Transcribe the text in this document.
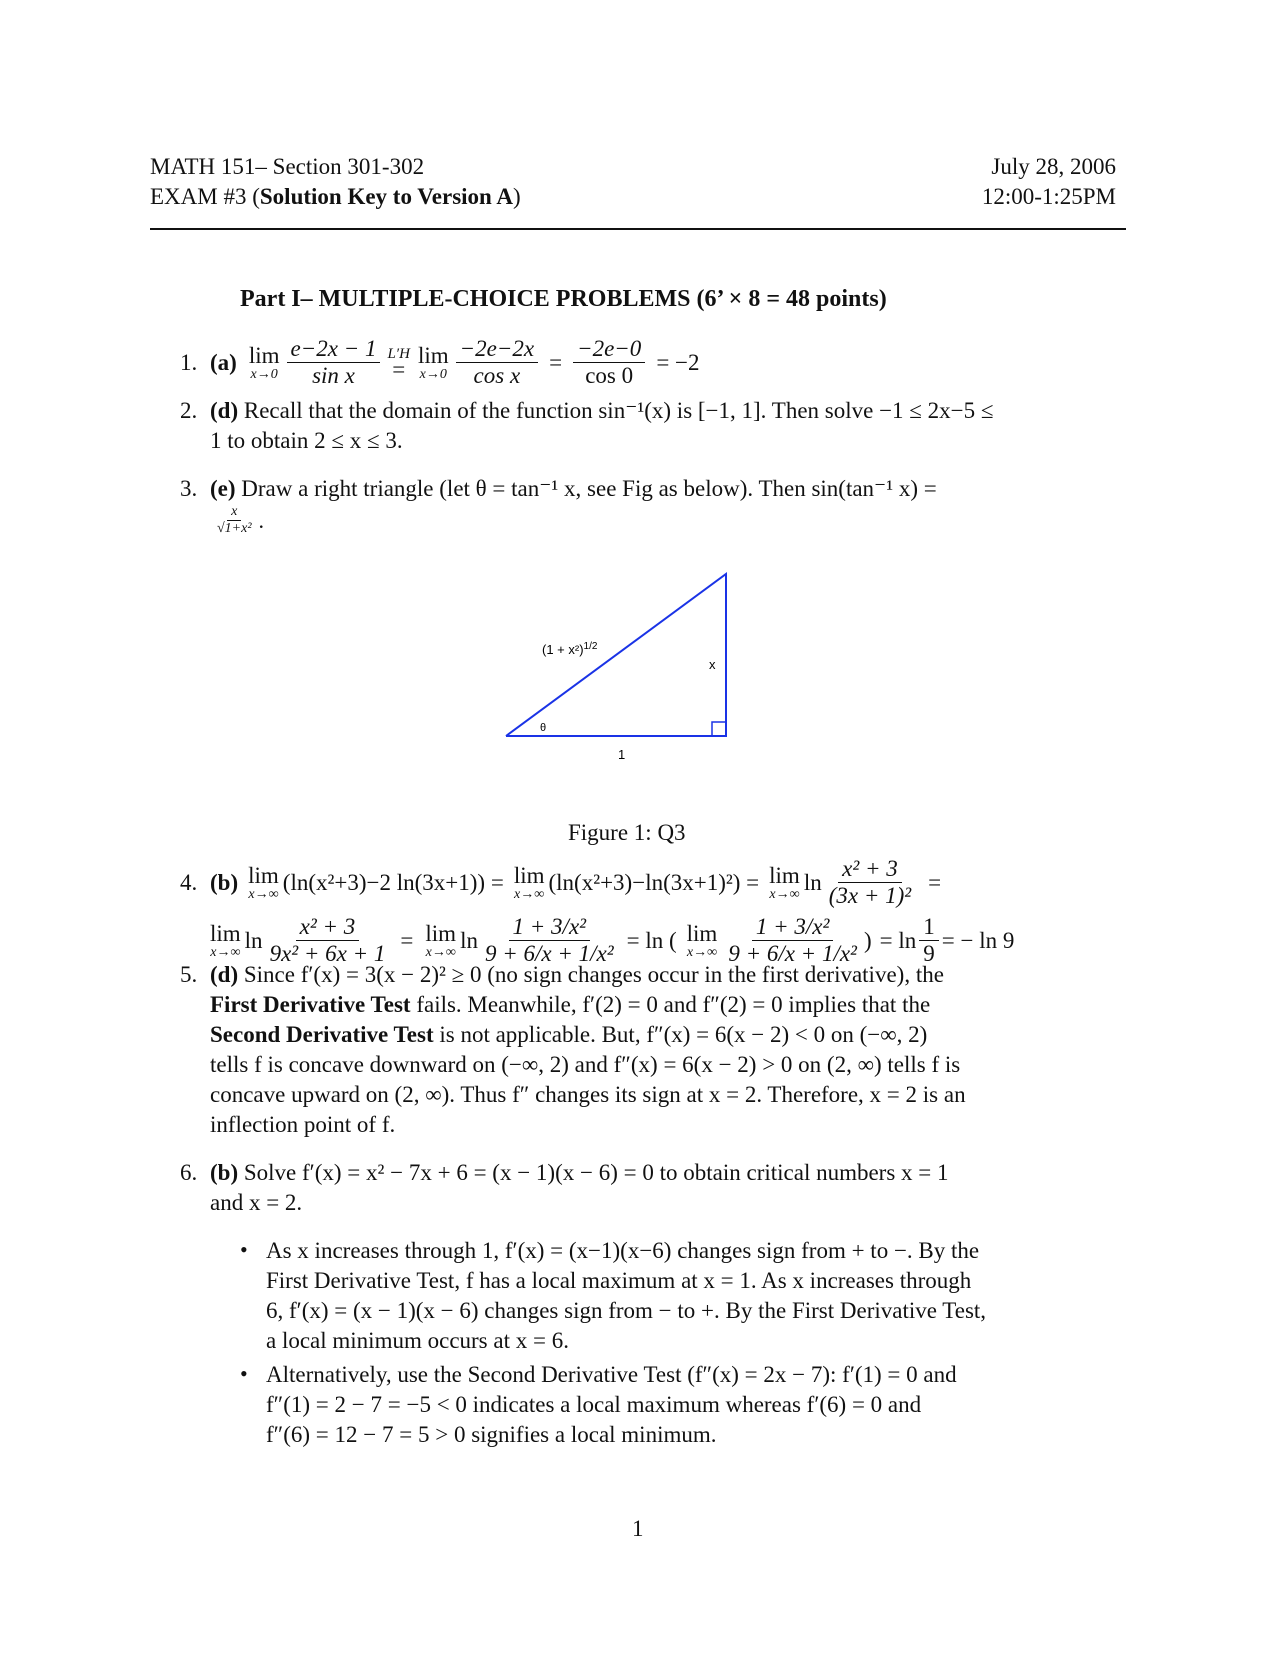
MATH 151– Section 301-302
EXAM #3 (Solution Key to Version A)
July 28, 2006
12:00-1:25PM
Part I– MULTIPLE-CHOICE PROBLEMS (6’ × 8 = 48 points)
1. (a) lim
$x\to 0 \frac{e-2x - 1}{\text{sin x}} L'H$
=
lim
$x\to 0 \frac{-2e-2x}{\text{cos x}} = \frac{-2e-0}{\cos 0} = -2$
2. (d) Recall that the domain of the function sin⁻¹(x) is [−1, 1]. Then solve −1 ≤ 2x−5 ≤
1 to obtain 2 ≤ x ≤ 3.
3. (e) Draw a right triangle (let θ = tan⁻¹ x, see Fig as below). Then sin(tan⁻¹ x) =
$\frac{x}{\text{√1+x²}}$ .
$(1 + x^2)^{1/2}$
x
1
θ
Figure 1: Q3
4. (b) lim
x→∞ (ln(x²+3)−2 ln(3x+1)) = lim
x→∞ (ln(x²+3)−ln(3x+1)²) = lim
x→∞ $\ln \frac{\text{x² + 3}}{\text{(3x + 1)²}}$ =
lim
x→∞ $\ln \frac{\text{x² + 3}}{\text{9x² + 6x + 1}} = \lim$
x→∞ $\ln \frac{\text{1 + 3/x²}}{\text{9 + 6/x + 1/x²}} = \ln$ ( lim
$x\to\infty \frac{\text{1 + 3/x²}}{\text{9 + 6/x + 1/x²}}$ ) = $\ln \frac{1}{9}$ = − ln 9
5. (d) Since f′(x) = 3(x − 2)² ≥ 0 (no sign changes occur in the first derivative), the
First Derivative Test fails. Meanwhile, f′(2) = 0 and f″(2) = 0 implies that the
Second Derivative Test is not applicable. But, f″(x) = 6(x − 2) < 0 on (−∞, 2)
tells f is concave downward on (−∞, 2) and f″(x) = 6(x − 2) > 0 on (2, ∞) tells f is
concave upward on (2, ∞). Thus f″ changes its sign at x = 2. Therefore, x = 2 is an
inflection point of f.
6. (b) Solve f′(x) = x² − 7x + 6 = (x − 1)(x − 6) = 0 to obtain critical numbers x = 1
and x = 2.
• As x increases through 1, f′(x) = (x−1)(x−6) changes sign from + to −. By the
First Derivative Test, f has a local maximum at x = 1. As x increases through
6, f′(x) = (x − 1)(x − 6) changes sign from − to +. By the First Derivative Test,
a local minimum occurs at x = 6.
• Alternatively, use the Second Derivative Test (f″(x) = 2x − 7): f′(1) = 0 and
f″(1) = 2 − 7 = −5 < 0 indicates a local maximum whereas f′(6) = 0 and
f″(6) = 12 − 7 = 5 > 0 signifies a local minimum.
1
